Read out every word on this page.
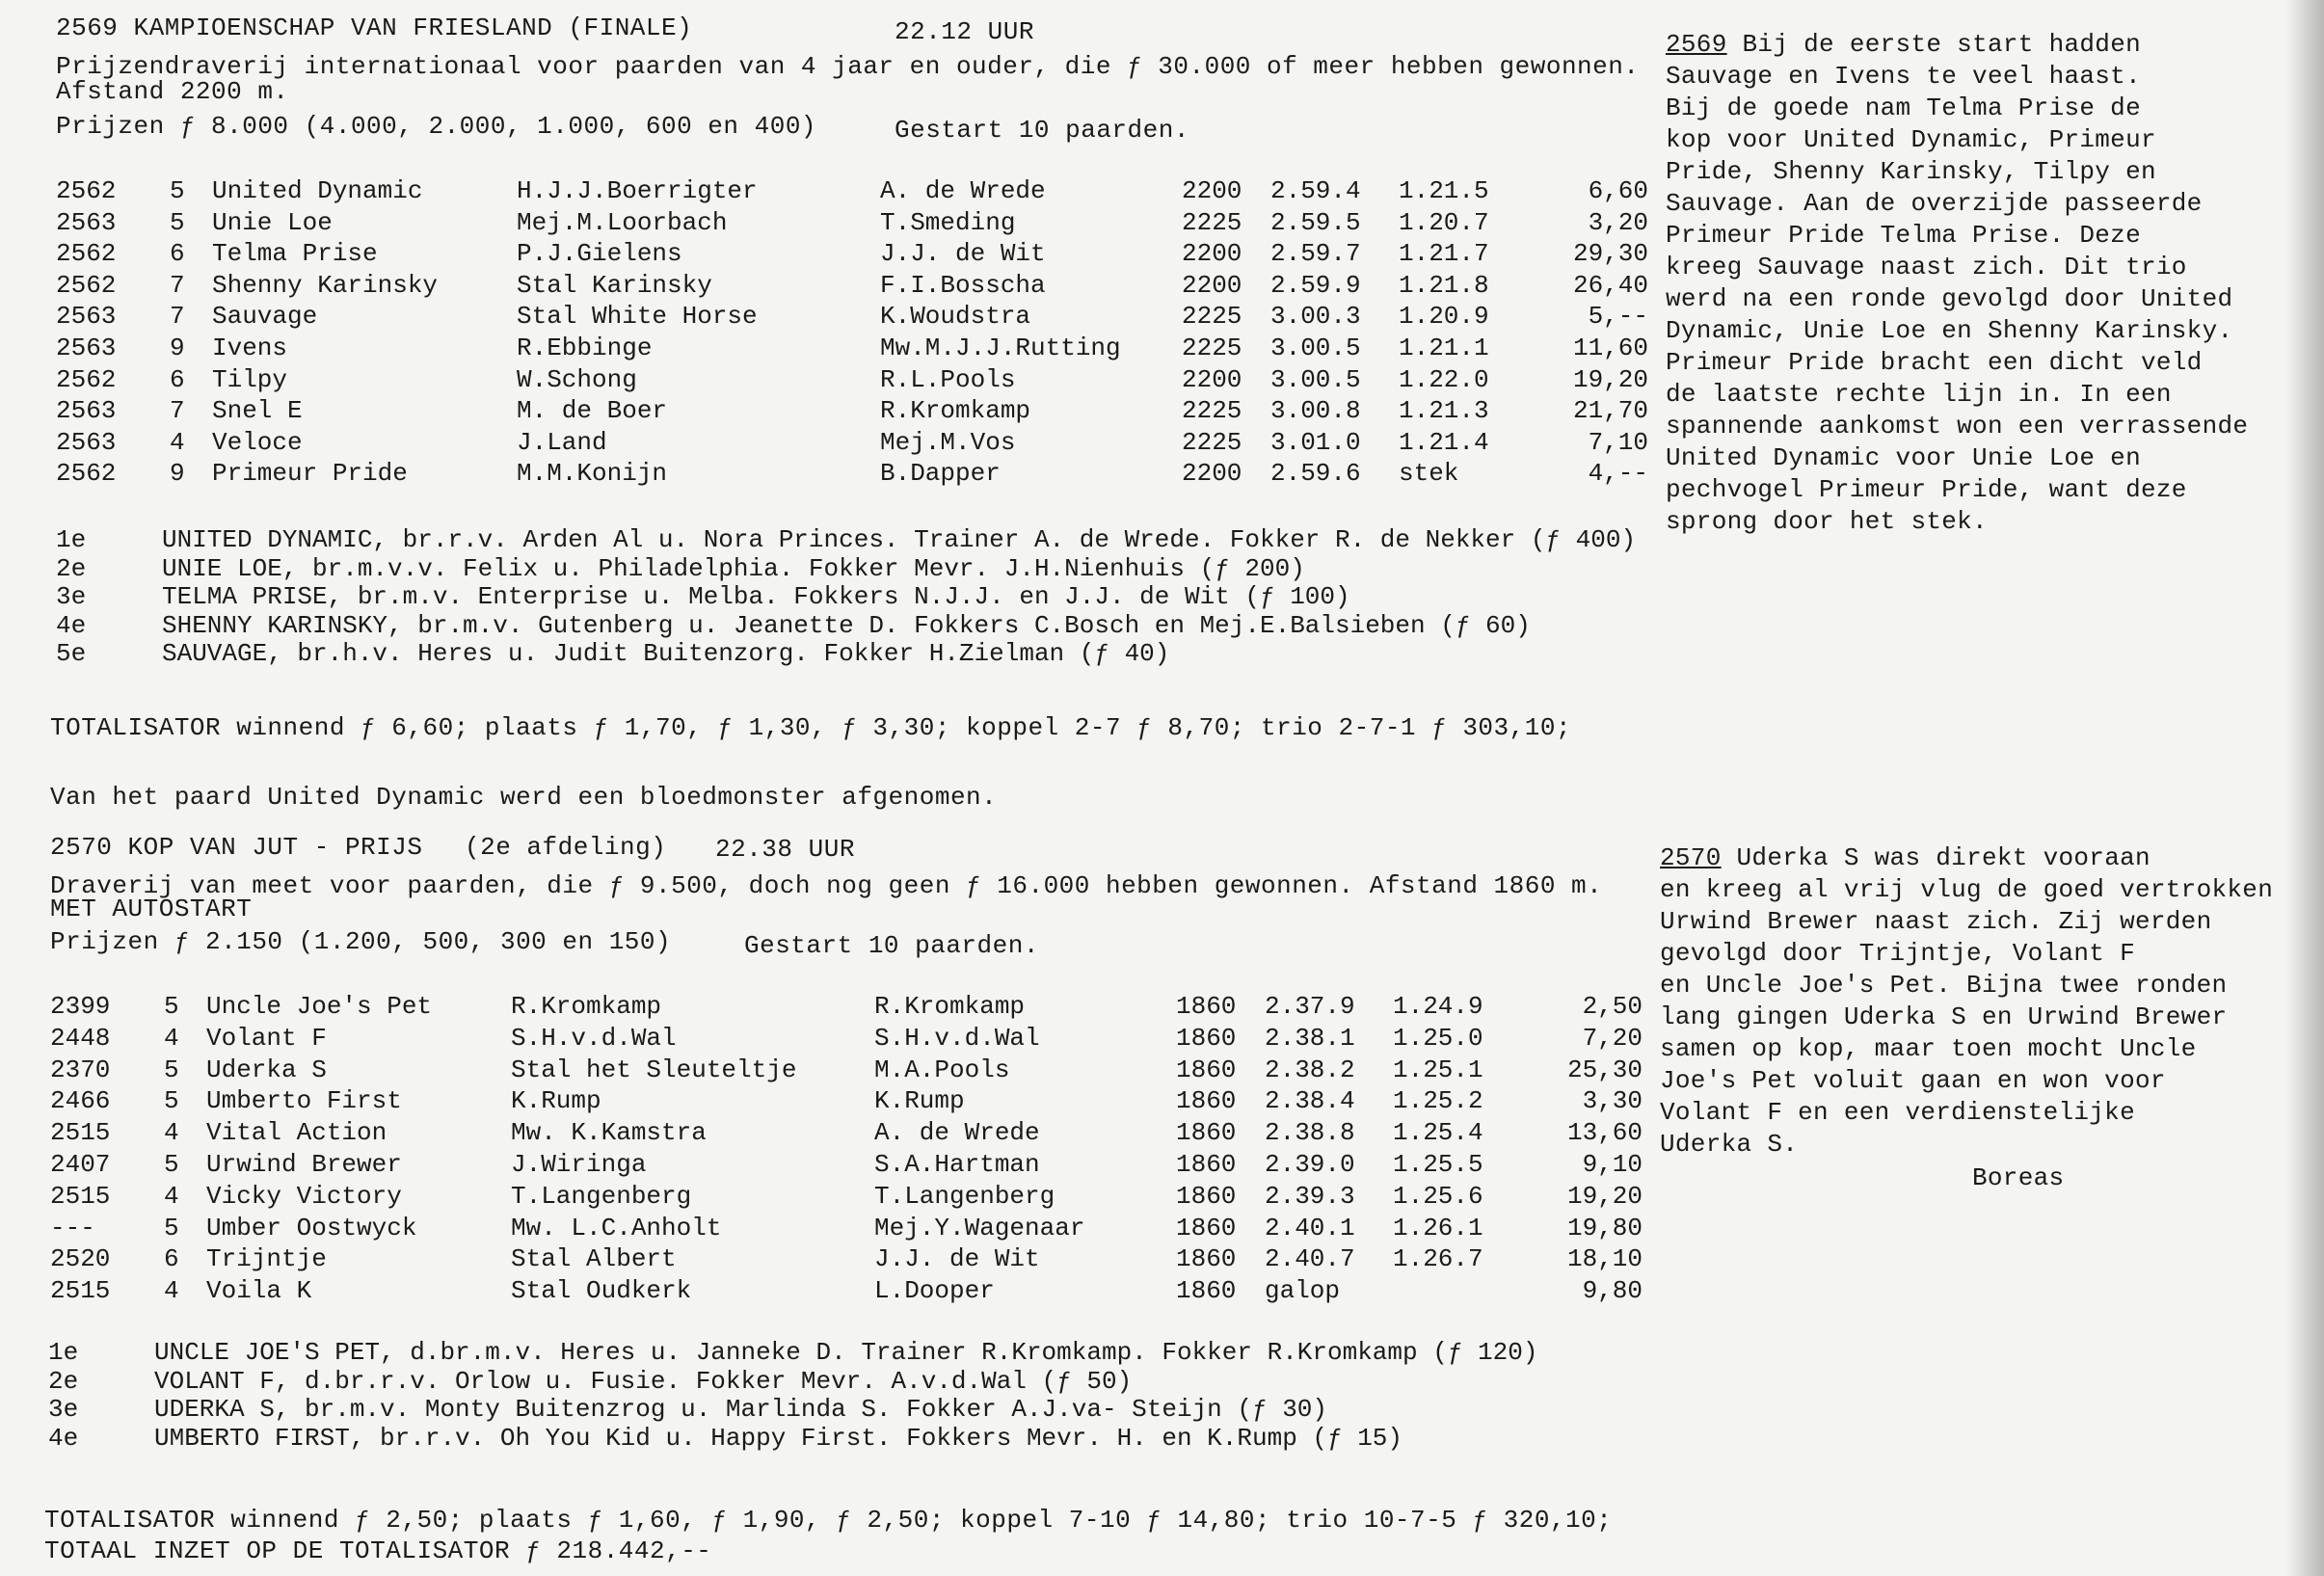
2569 KAMPIOENSCHAP VAN FRIESLAND (FINALE)	22.12 UUR
Prijzendraverij internationaal voor paarden van 4 jaar en ouder, die ƒ 30.000 of meer hebben gewonnen.
Afstand 2200 m.
Prijzen ƒ 8.000 (4.000, 2.000, 1.000, 600 en 400)	Gestart 10 paarden.
2562 5 United Dynamic	H.J.J.Boerrigter	A. de Wrede	2200 2.59.4 1.21.5	6,60
2563 5 Unie Loe	Mej.M.Loorbach	T.Smeding	2225 2.59.5 1.20.7	3,20
2562 6 Telma Prise	P.J.Gielens	J.J. de Wit	2200 2.59.7 1.21.7	29,30
2562 7 Shenny Karinsky	Stal Karinsky	F.I.Bosscha	2200 2.59.9 1.21.8	26,40
2563 7 Sauvage	Stal White Horse	K.Woudstra	2225 3.00.3 1.20.9	5,--
2563 9 Ivens	R.Ebbinge	Mw.M.J.J.Rutting 2225 3.00.5 1.21.1	11,60
2562 6 Tilpy	W.Schong	R.L.Pools	2200 3.00.5 1.22.0	19,20
2563 7 Snel E	M. de Boer	R.Kromkamp	2225 3.00.8 1.21.3	21,70
2563 4 Veloce	J.Land	Mej.M.Vos	2225 3.01.0 1.21.4	7,10
2562 9 Primeur Pride	M.M.Konijn	B.Dapper	2200 2.59.6 stek	4,--
1e	UNITED DYNAMIC, br.r.v. Arden Al u. Nora Princes. Trainer A. de Wrede. Fokker R. de Nekker (ƒ 400)
2e	UNIE LOE, br.m.v.v. Felix u. Philadelphia. Fokker Mevr. J.H.Nienhuis (ƒ 200)
3e	TELMA PRISE, br.m.v. Enterprise u. Melba. Fokkers N.J.J. en J.J. de Wit (ƒ 100)
4e	SHENNY KARINSKY, br.m.v. Gutenberg u. Jeanette D. Fokkers C.Bosch en Mej.E.Balsieben (ƒ 60)
5e	SAUVAGE, br.h.v. Heres u. Judit Buitenzorg. Fokker H.Zielman (ƒ 40)
TOTALISATOR winnend ƒ 6,60; plaats ƒ 1,70, ƒ 1,30, ƒ 3,30; koppel 2-7 ƒ 8,70; trio 2-7-1 ƒ 303,10;
Van het paard United Dynamic werd een bloedmonster afgenomen.
2569 Bij de eerste start hadden
Sauvage en Ivens te veel haast.
Bij de goede nam Telma Prise de
kop voor United Dynamic, Primeur
Pride, Shenny Karinsky, Tilpy en
Sauvage. Aan de overzijde passeerde
Primeur Pride Telma Prise. Deze
kreeg Sauvage naast zich. Dit trio
werd na een ronde gevolgd door United
Dynamic, Unie Loe en Shenny Karinsky.
Primeur Pride bracht een dicht veld
de laatste rechte lijn in. In een
spannende aankomst won een verrassende
United Dynamic voor Unie Loe en
pechvogel Primeur Pride, want deze
sprong door het stek.
2570 KOP VAN JUT - PRIJS (2e afdeling) 22.38 UUR
Draverij van meet voor paarden, die ƒ 9.500, doch nog geen ƒ 16.000 hebben gewonnen. Afstand 1860 m.
MET AUTOSTART
Prijzen ƒ 2.150 (1.200, 500, 300 en 150)	Gestart 10 paarden.
2399 5 Uncle Joe's Pet	R.Kromkamp	R.Kromkamp	1860 2.37.9 1.24.9	2,50
2448 4 Volant F	S.H.v.d.Wal	S.H.v.d.Wal	1860 2.38.1 1.25.0	7,20
2370 5 Uderka S	Stal het Sleuteltje	M.A.Pools	1860 2.38.2 1.25.1	25,30
2466 5 Umberto First	K.Rump	K.Rump	1860 2.38.4 1.25.2	3,30
2515 4 Vital Action	Mw. K.Kamstra	A. de Wrede	1860 2.38.8 1.25.4	13,60
2407 5 Urwind Brewer	J.Wiringa	S.A.Hartman	1860 2.39.0 1.25.5	9,10
2515 4 Vicky Victory	T.Langenberg	T.Langenberg	1860 2.39.3 1.25.6	19,20
---	5 Umber Oostwyck	Mw. L.C.Anholt	Mej.Y.Wagenaar	1860 2.40.1 1.26.1	19,80
2520 6 Trijntje	Stal Albert	J.J. de Wit	1860 2.40.7 1.26.7	18,10
2515 4 Voila K	Stal Oudkerk	L.Dooper	1860 galop	9,80
1e	UNCLE JOE'S PET, d.br.m.v. Heres u. Janneke D. Trainer R.Kromkamp. Fokker R.Kromkamp (ƒ 120)
2e	VOLANT F, d.br.r.v. Orlow u. Fusie. Fokker Mevr. A.v.d.Wal (ƒ 50)
3e	UDERKA S, br.m.v. Monty Buitenzrog u. Marlinda S. Fokker A.J.va- Steijn (ƒ 30)
4e	UMBERTO FIRST, br.r.v. Oh You Kid u. Happy First. Fokkers Mevr. H. en K.Rump (ƒ 15)
TOTALISATOR winnend ƒ 2,50; plaats ƒ 1,60, ƒ 1,90, ƒ 2,50; koppel 7-10 ƒ 14,80; trio 10-7-5 ƒ 320,10;
TOTAAL INZET OP DE TOTALISATOR ƒ 218.442,--
2570 Uderka S was direkt vooraan
en kreeg al vrij vlug de goed vertrokken
Urwind Brewer naast zich. Zij werden
gevolgd door Trijntje, Volant F
en Uncle Joe's Pet. Bijna twee ronden
lang gingen Uderka S en Urwind Brewer
samen op kop, maar toen mocht Uncle
Joe's Pet voluit gaan en won voor
Volant F en een verdienstelijke
Uderka S.
Boreas
